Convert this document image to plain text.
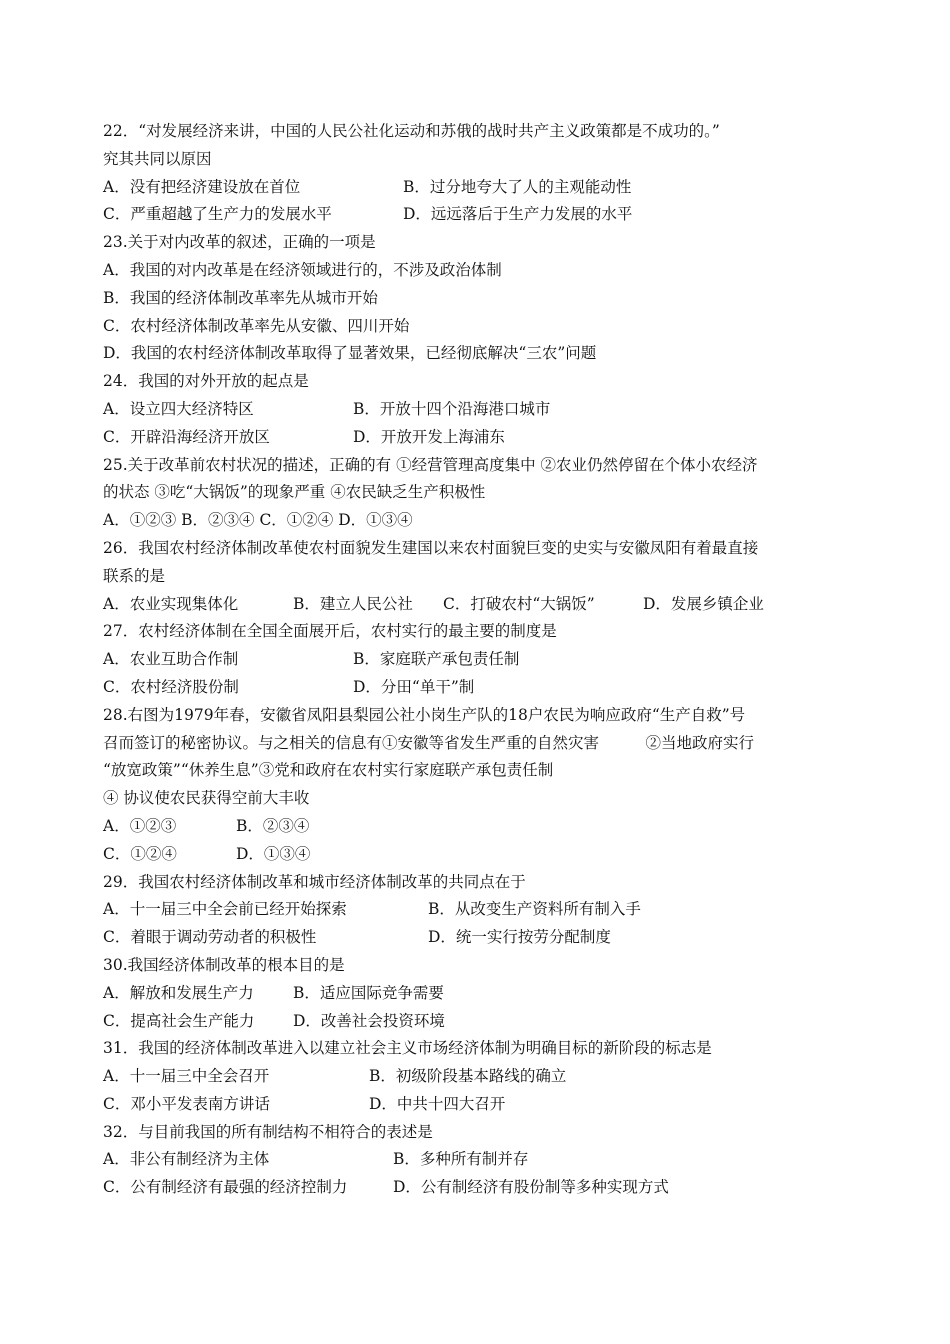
22．“对发展经济来讲，中国的人民公社化运动和苏俄的战时共产主义政策都是不成功的。”
究其共同以原因
A．没有把经济建设放在首位	B．过分地夸大了人的主观能动性
C．严重超越了生产力的发展水平	D．远远落后于生产力发展的水平
23.关于对内改革的叙述，正确的一项是
A．我国的对内改革是在经济领域进行的，不涉及政治体制
B．我国的经济体制改革率先从城市开始
C．农村经济体制改革率先从安徽、四川开始
D．我国的农村经济体制改革取得了显著效果，已经彻底解决“三农”问题
24．我国的对外开放的起点是
A．设立四大经济特区	B．开放十四个沿海港口城市
C．开辟沿海经济开放区	D．开放开发上海浦东
25.关于改革前农村状况的描述，正确的有 ①经营管理高度集中 ②农业仍然停留在个体小农经济
的状态 ③吃“大锅饭”的现象严重 ④农民缺乏生产积极性
A．①②③ B．②③④ C．①②④ D．①③④
26．我国农村经济体制改革使农村面貌发生建国以来农村面貌巨变的史实与安徽凤阳有着最直接
联系的是
A．农业实现集体化	B．建立人民公社 C．打破农村“大锅饭”	D．发展乡镇企业
27．农村经济体制在全国全面展开后，农村实行的最主要的制度是
A．农业互助合作制	B．家庭联产承包责任制
C．农村经济股份制	D．分田“单干”制
28.右图为1979年春，安徽省凤阳县梨园公社小岗生产队的18户农民为响应政府“生产自救”号
召而签订的秘密协议。与之相关的信息有①安徽等省发生严重的自然灾害　　　②当地政府实行
“放宽政策”“休养生息”③党和政府在农村实行家庭联产承包责任制
④ 协议使农民获得空前大丰收
A．①②③	B．②③④
C．①②④	D．①③④
29．我国农村经济体制改革和城市经济体制改革的共同点在于
A．十一届三中全会前已经开始探索	B．从改变生产资料所有制入手
C．着眼于调动劳动者的积极性	D．统一实行按劳分配制度
30.我国经济体制改革的根本目的是
A．解放和发展生产力	B．适应国际竞争需要
C．提高社会生产能力 D．改善社会投资环境
31．我国的经济体制改革进入以建立社会主义市场经济体制为明确目标的新阶段的标志是
A．十一届三中全会召开	B．初级阶段基本路线的确立
C．邓小平发表南方讲话	D．中共十四大召开
32．与目前我国的所有制结构不相符合的表述是
A．非公有制经济为主体	B．多种所有制并存
C．公有制经济有最强的经济控制力	D．公有制经济有股份制等多种实现方式
